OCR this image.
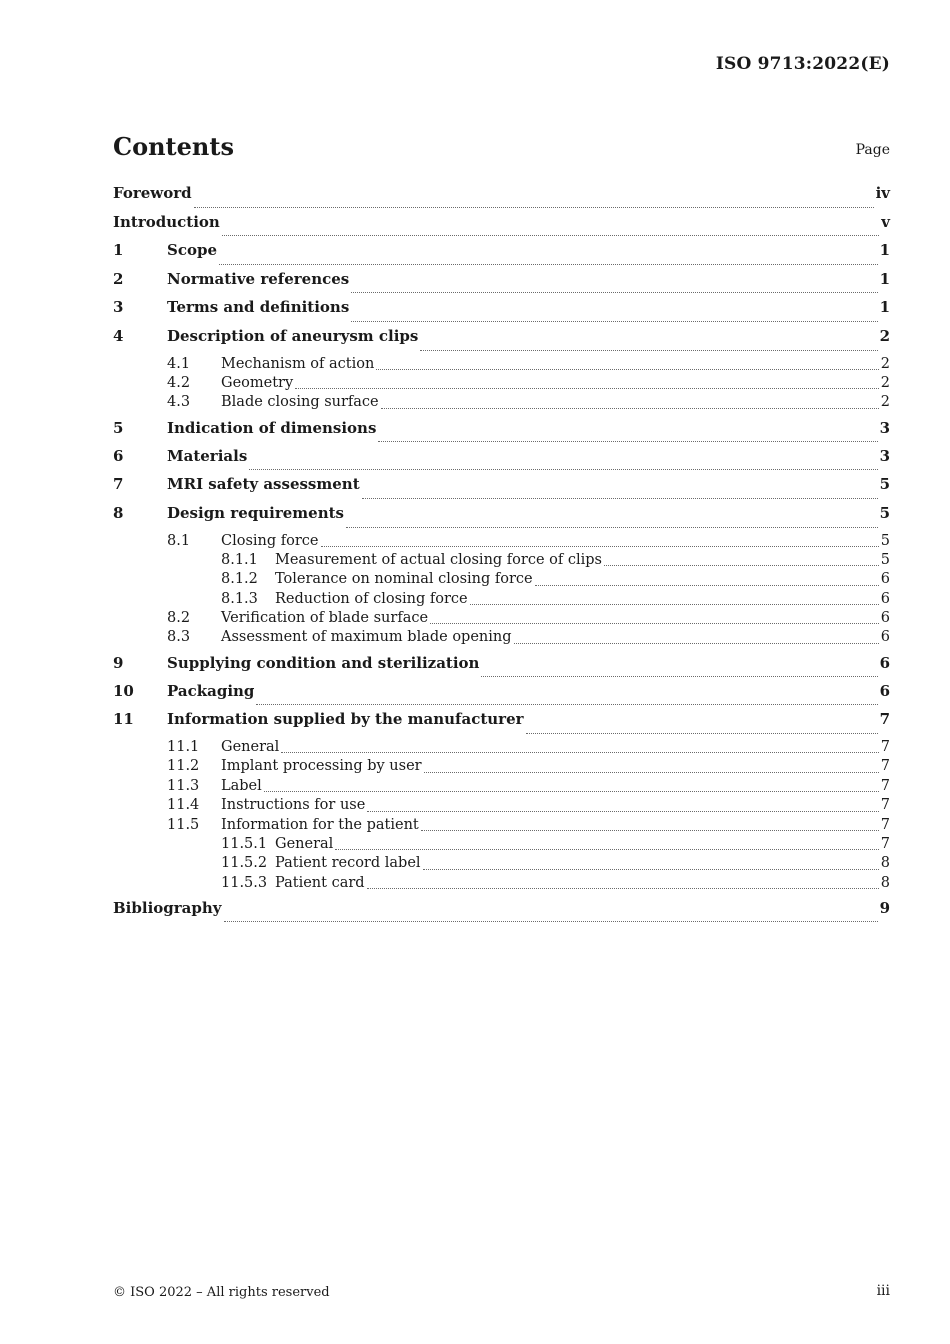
ISO 9713:2022(E)
Contents	Page
Foreword	iv
Introduction	v
1	Scope	1
2	Normative references	1
3	Terms and definitions	1
4	Description of aneurysm clips	2
4.1	Mechanism of action	2
4.2	Geometry	2
4.3	Blade closing surface	2
5	Indication of dimensions	3
6	Materials	3
7	MRI safety assessment	5
8	Design requirements	5
8.1	Closing force	5
8.1.1	Measurement of actual closing force of clips	5
8.1.2	Tolerance on nominal closing force	6
8.1.3	Reduction of closing force	6
8.2	Verification of blade surface	6
8.3	Assessment of maximum blade opening	6
9	Supplying condition and sterilization	6
10	Packaging	6
11	Information supplied by the manufacturer	7
11.1	General	7
11.2	Implant processing by user	7
11.3	Label	7
11.4	Instructions for use	7
11.5	Information for the patient	7
11.5.1 General	7
11.5.2 Patient record label	8
11.5.3 Patient card	8
Bibliography	9
© ISO 2022 – All rights reserved	iii
